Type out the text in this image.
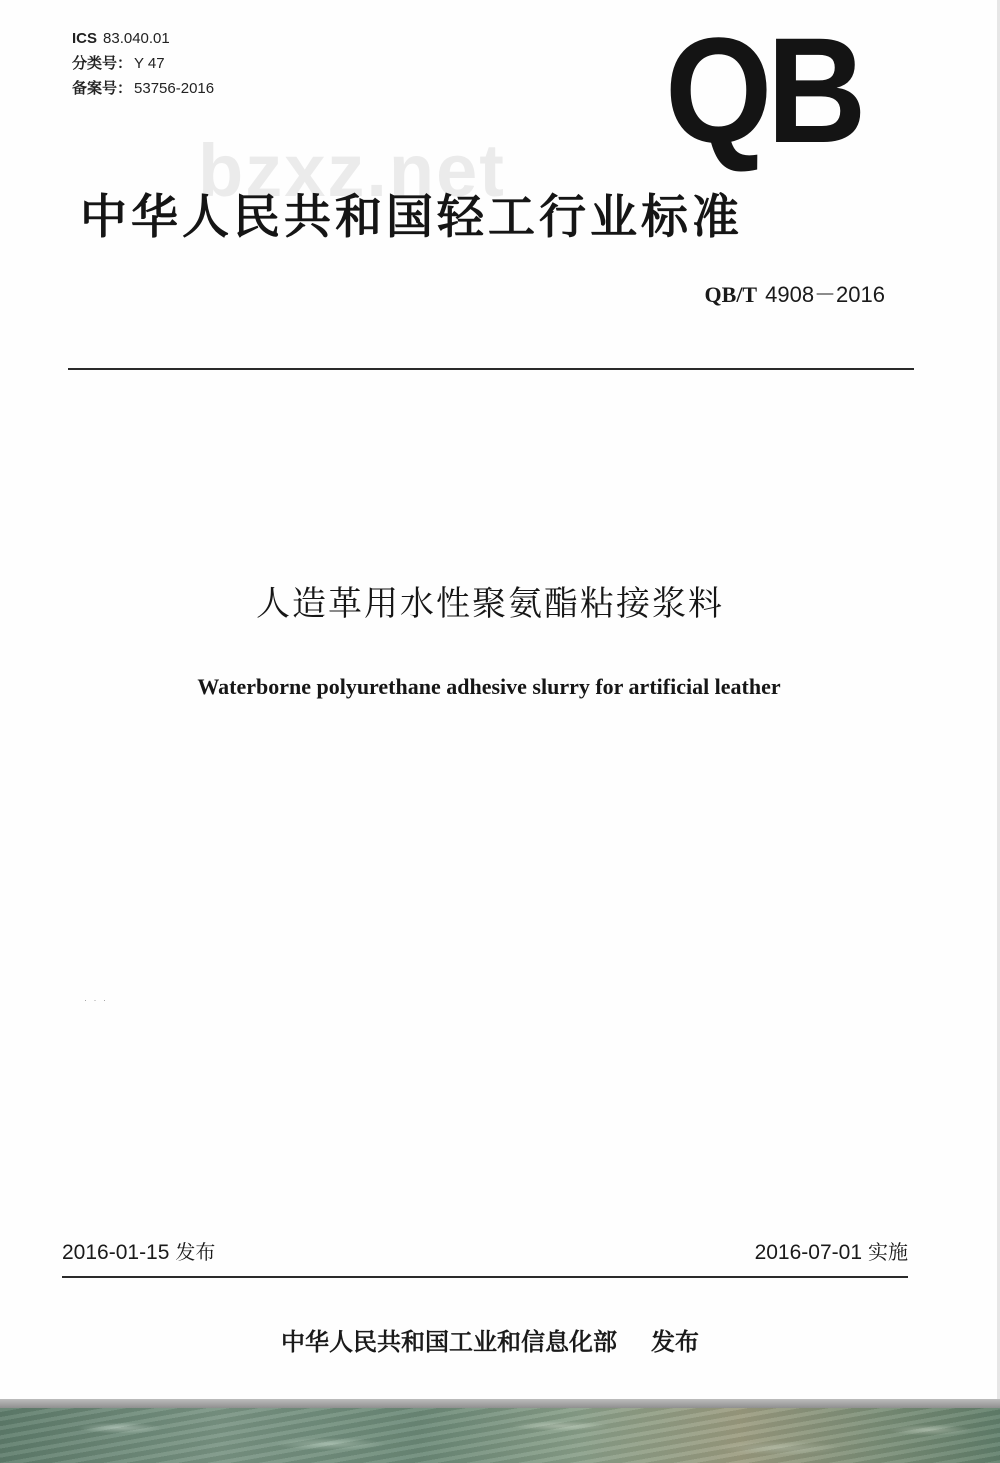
ICS 83.040.01
分类号： Y 47
备案号： 53756-2016	QB
bzxz.net
中华人民共和国轻工行业标准
QB/T 4908－2016
人造革用水性聚氨酯粘接浆料
Waterborne polyurethane adhesive slurry for artificial leather
· · ·
2016-01-15 发布	2016-07-01 实施
中华人民共和国工业和信息化部 发布
